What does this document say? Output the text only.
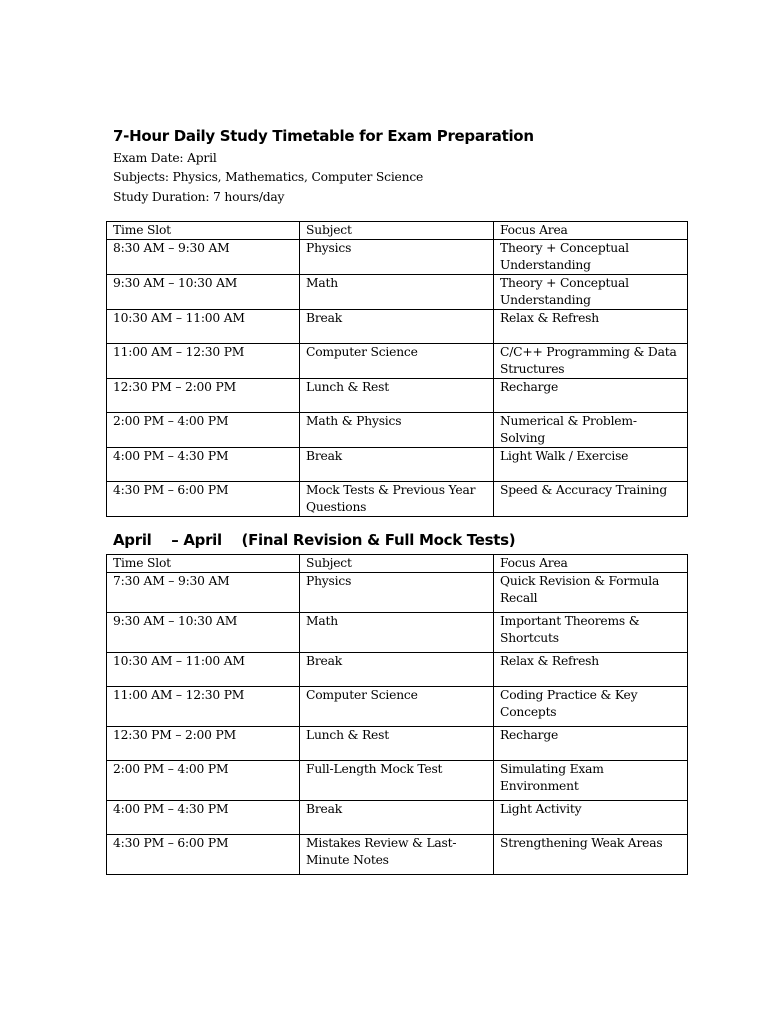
7-Hour Daily Study Timetable for Exam Preparation
Exam Date: April
Subjects: Physics, Mathematics, Computer Science
Study Duration: 7 hours/day
Time Slot	Subject	Focus Area
8:30 AM – 9:30 AM	Physics	Theory + Conceptual Understanding
9:30 AM – 10:30 AM	Math	Theory + Conceptual Understanding
10:30 AM – 11:00 AM	Break	Relax & Refresh
11:00 AM – 12:30 PM	Computer Science	C/C++ Programming & Data Structures
12:30 PM – 2:00 PM	Lunch & Rest	Recharge
2:00 PM – 4:00 PM	Math & Physics	Numerical & Problem-Solving
4:00 PM – 4:30 PM	Break	Light Walk / Exercise
4:30 PM – 6:00 PM	Mock Tests & Previous Year Questions	Speed & Accuracy Training
April    – April    (Final Revision & Full Mock Tests)
Time Slot	Subject	Focus Area
7:30 AM – 9:30 AM	Physics	Quick Revision & Formula Recall
9:30 AM – 10:30 AM	Math	Important Theorems & Shortcuts
10:30 AM – 11:00 AM	Break	Relax & Refresh
11:00 AM – 12:30 PM	Computer Science	Coding Practice & Key Concepts
12:30 PM – 2:00 PM	Lunch & Rest	Recharge
2:00 PM – 4:00 PM	Full-Length Mock Test	Simulating Exam Environment
4:00 PM – 4:30 PM	Break	Light Activity
4:30 PM – 6:00 PM	Mistakes Review & Last-Minute Notes	Strengthening Weak Areas
